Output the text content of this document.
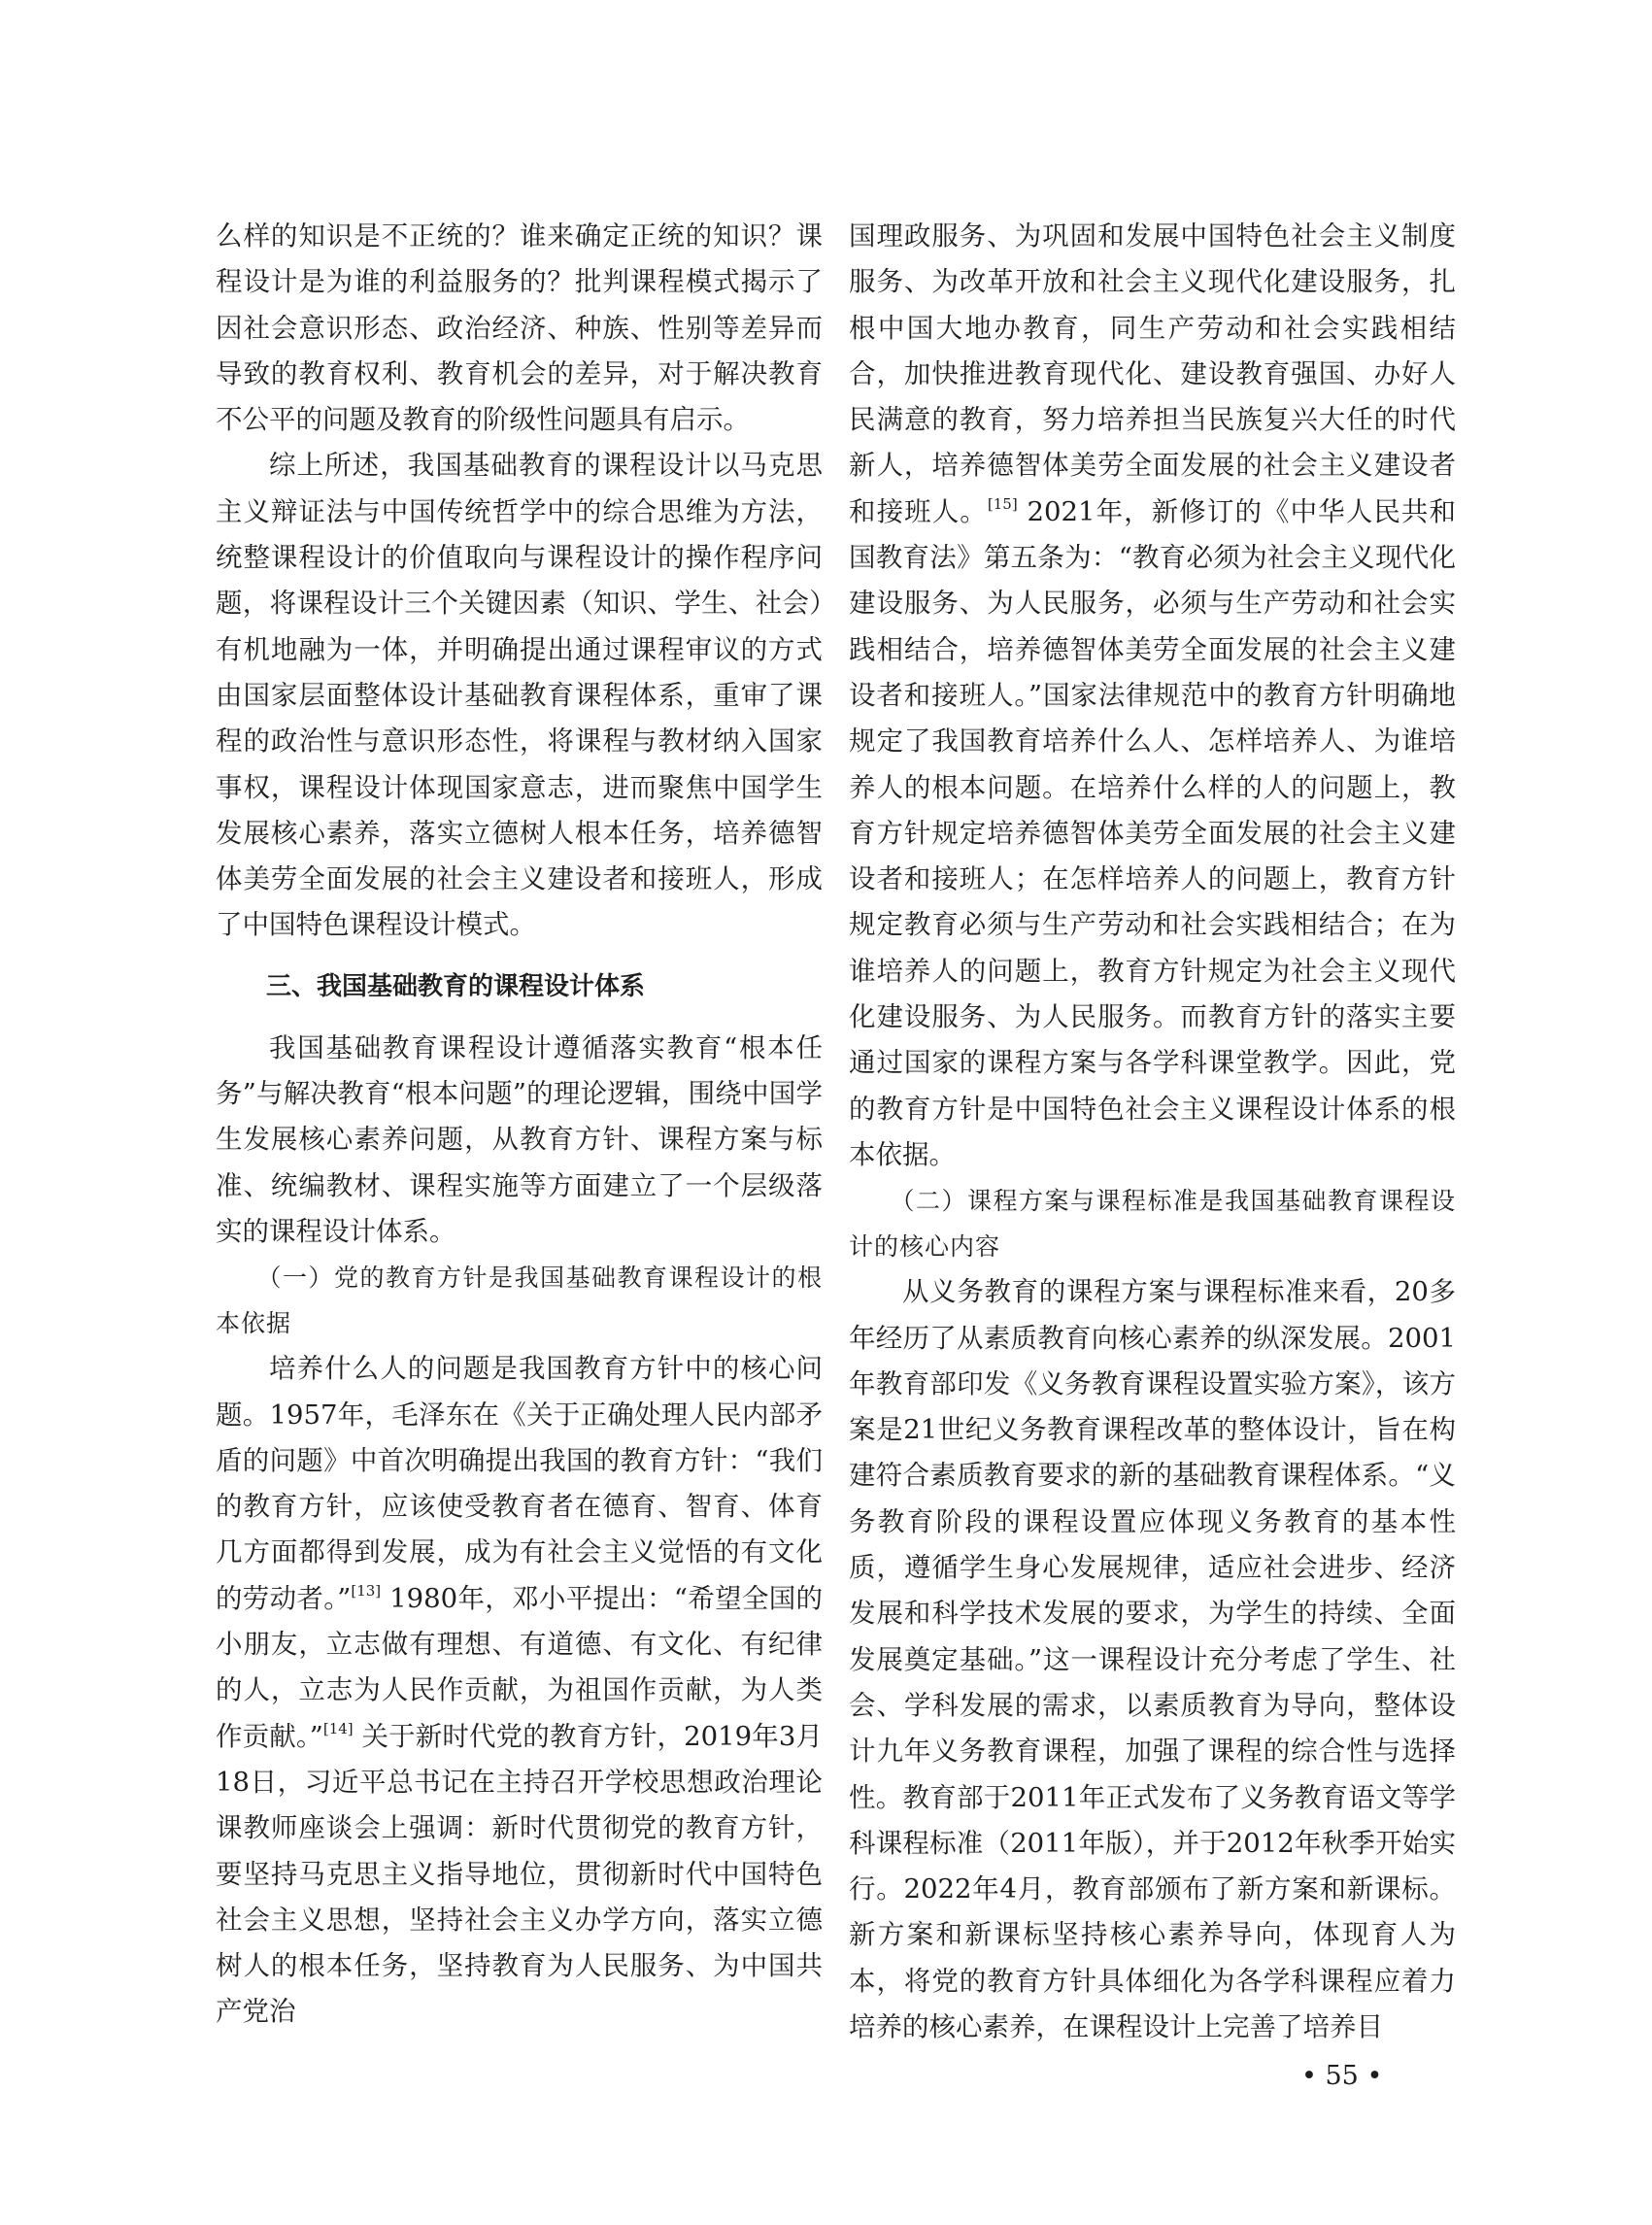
么样的知识是不正统的？谁来确定正统的知识？课程设计是为谁的利益服务的？批判课程模式揭示了因社会意识形态、政治经济、种族、性别等差异而导致的教育权利、教育机会的差异，对于解决教育不公平的问题及教育的阶级性问题具有启示。

综上所述，我国基础教育的课程设计以马克思主义辩证法与中国传统哲学中的综合思维为方法，统整课程设计的价值取向与课程设计的操作程序问题，将课程设计三个关键因素（知识、学生、社会）有机地融为一体，并明确提出通过课程审议的方式由国家层面整体设计基础教育课程体系，重审了课程的政治性与意识形态性，将课程与教材纳入国家事权，课程设计体现国家意志，进而聚焦中国学生发展核心素养，落实立德树人根本任务，培养德智体美劳全面发展的社会主义建设者和接班人，形成了中国特色课程设计模式。

三、我国基础教育的课程设计体系

我国基础教育课程设计遵循落实教育“根本任务”与解决教育“根本问题”的理论逻辑，围绕中国学生发展核心素养问题，从教育方针、课程方案与标准、统编教材、课程实施等方面建立了一个层级落实的课程设计体系。

（一）党的教育方针是我国基础教育课程设计的根本依据

培养什么人的问题是我国教育方针中的核心问题。1957年，毛泽东在《关于正确处理人民内部矛盾的问题》中首次明确提出我国的教育方针：“我们的教育方针，应该使受教育者在德育、智育、体育几方面都得到发展，成为有社会主义觉悟的有文化的劳动者。”[13] 1980年，邓小平提出：“希望全国的小朋友，立志做有理想、有道德、有文化、有纪律的人，立志为人民作贡献，为祖国作贡献，为人类作贡献。”[14] 关于新时代党的教育方针，2019年3月18日，习近平总书记在主持召开学校思想政治理论课教师座谈会上强调：新时代贯彻党的教育方针，要坚持马克思主义指导地位，贯彻新时代中国特色社会主义思想，坚持社会主义办学方向，落实立德树人的根本任务，坚持教育为人民服务、为中国共产党治

国理政服务、为巩固和发展中国特色社会主义制度服务、为改革开放和社会主义现代化建设服务，扎根中国大地办教育，同生产劳动和社会实践相结合，加快推进教育现代化、建设教育强国、办好人民满意的教育，努力培养担当民族复兴大任的时代新人，培养德智体美劳全面发展的社会主义建设者和接班人。[15] 2021年，新修订的《中华人民共和国教育法》第五条为：“教育必须为社会主义现代化建设服务、为人民服务，必须与生产劳动和社会实践相结合，培养德智体美劳全面发展的社会主义建设者和接班人。”国家法律规范中的教育方针明确地规定了我国教育培养什么人、怎样培养人、为谁培养人的根本问题。在培养什么样的人的问题上，教育方针规定培养德智体美劳全面发展的社会主义建设者和接班人；在怎样培养人的问题上，教育方针规定教育必须与生产劳动和社会实践相结合；在为谁培养人的问题上，教育方针规定为社会主义现代化建设服务、为人民服务。而教育方针的落实主要通过国家的课程方案与各学科课堂教学。因此，党的教育方针是中国特色社会主义课程设计体系的根本依据。

（二）课程方案与课程标准是我国基础教育课程设计的核心内容

从义务教育的课程方案与课程标准来看，20多年经历了从素质教育向核心素养的纵深发展。2001年教育部印发《义务教育课程设置实验方案》，该方案是21世纪义务教育课程改革的整体设计，旨在构建符合素质教育要求的新的基础教育课程体系。“义务教育阶段的课程设置应体现义务教育的基本性质，遵循学生身心发展规律，适应社会进步、经济发展和科学技术发展的要求，为学生的持续、全面发展奠定基础。”这一课程设计充分考虑了学生、社会、学科发展的需求，以素质教育为导向，整体设计九年义务教育课程，加强了课程的综合性与选择性。教育部于2011年正式发布了义务教育语文等学科课程标准（2011年版），并于2012年秋季开始实行。2022年4月，教育部颁布了新方案和新课标。新方案和新课标坚持核心素养导向，体现育人为本，将党的教育方针具体细化为各学科课程应着力培养的核心素养，在课程设计上完善了培养目

• 55 •
